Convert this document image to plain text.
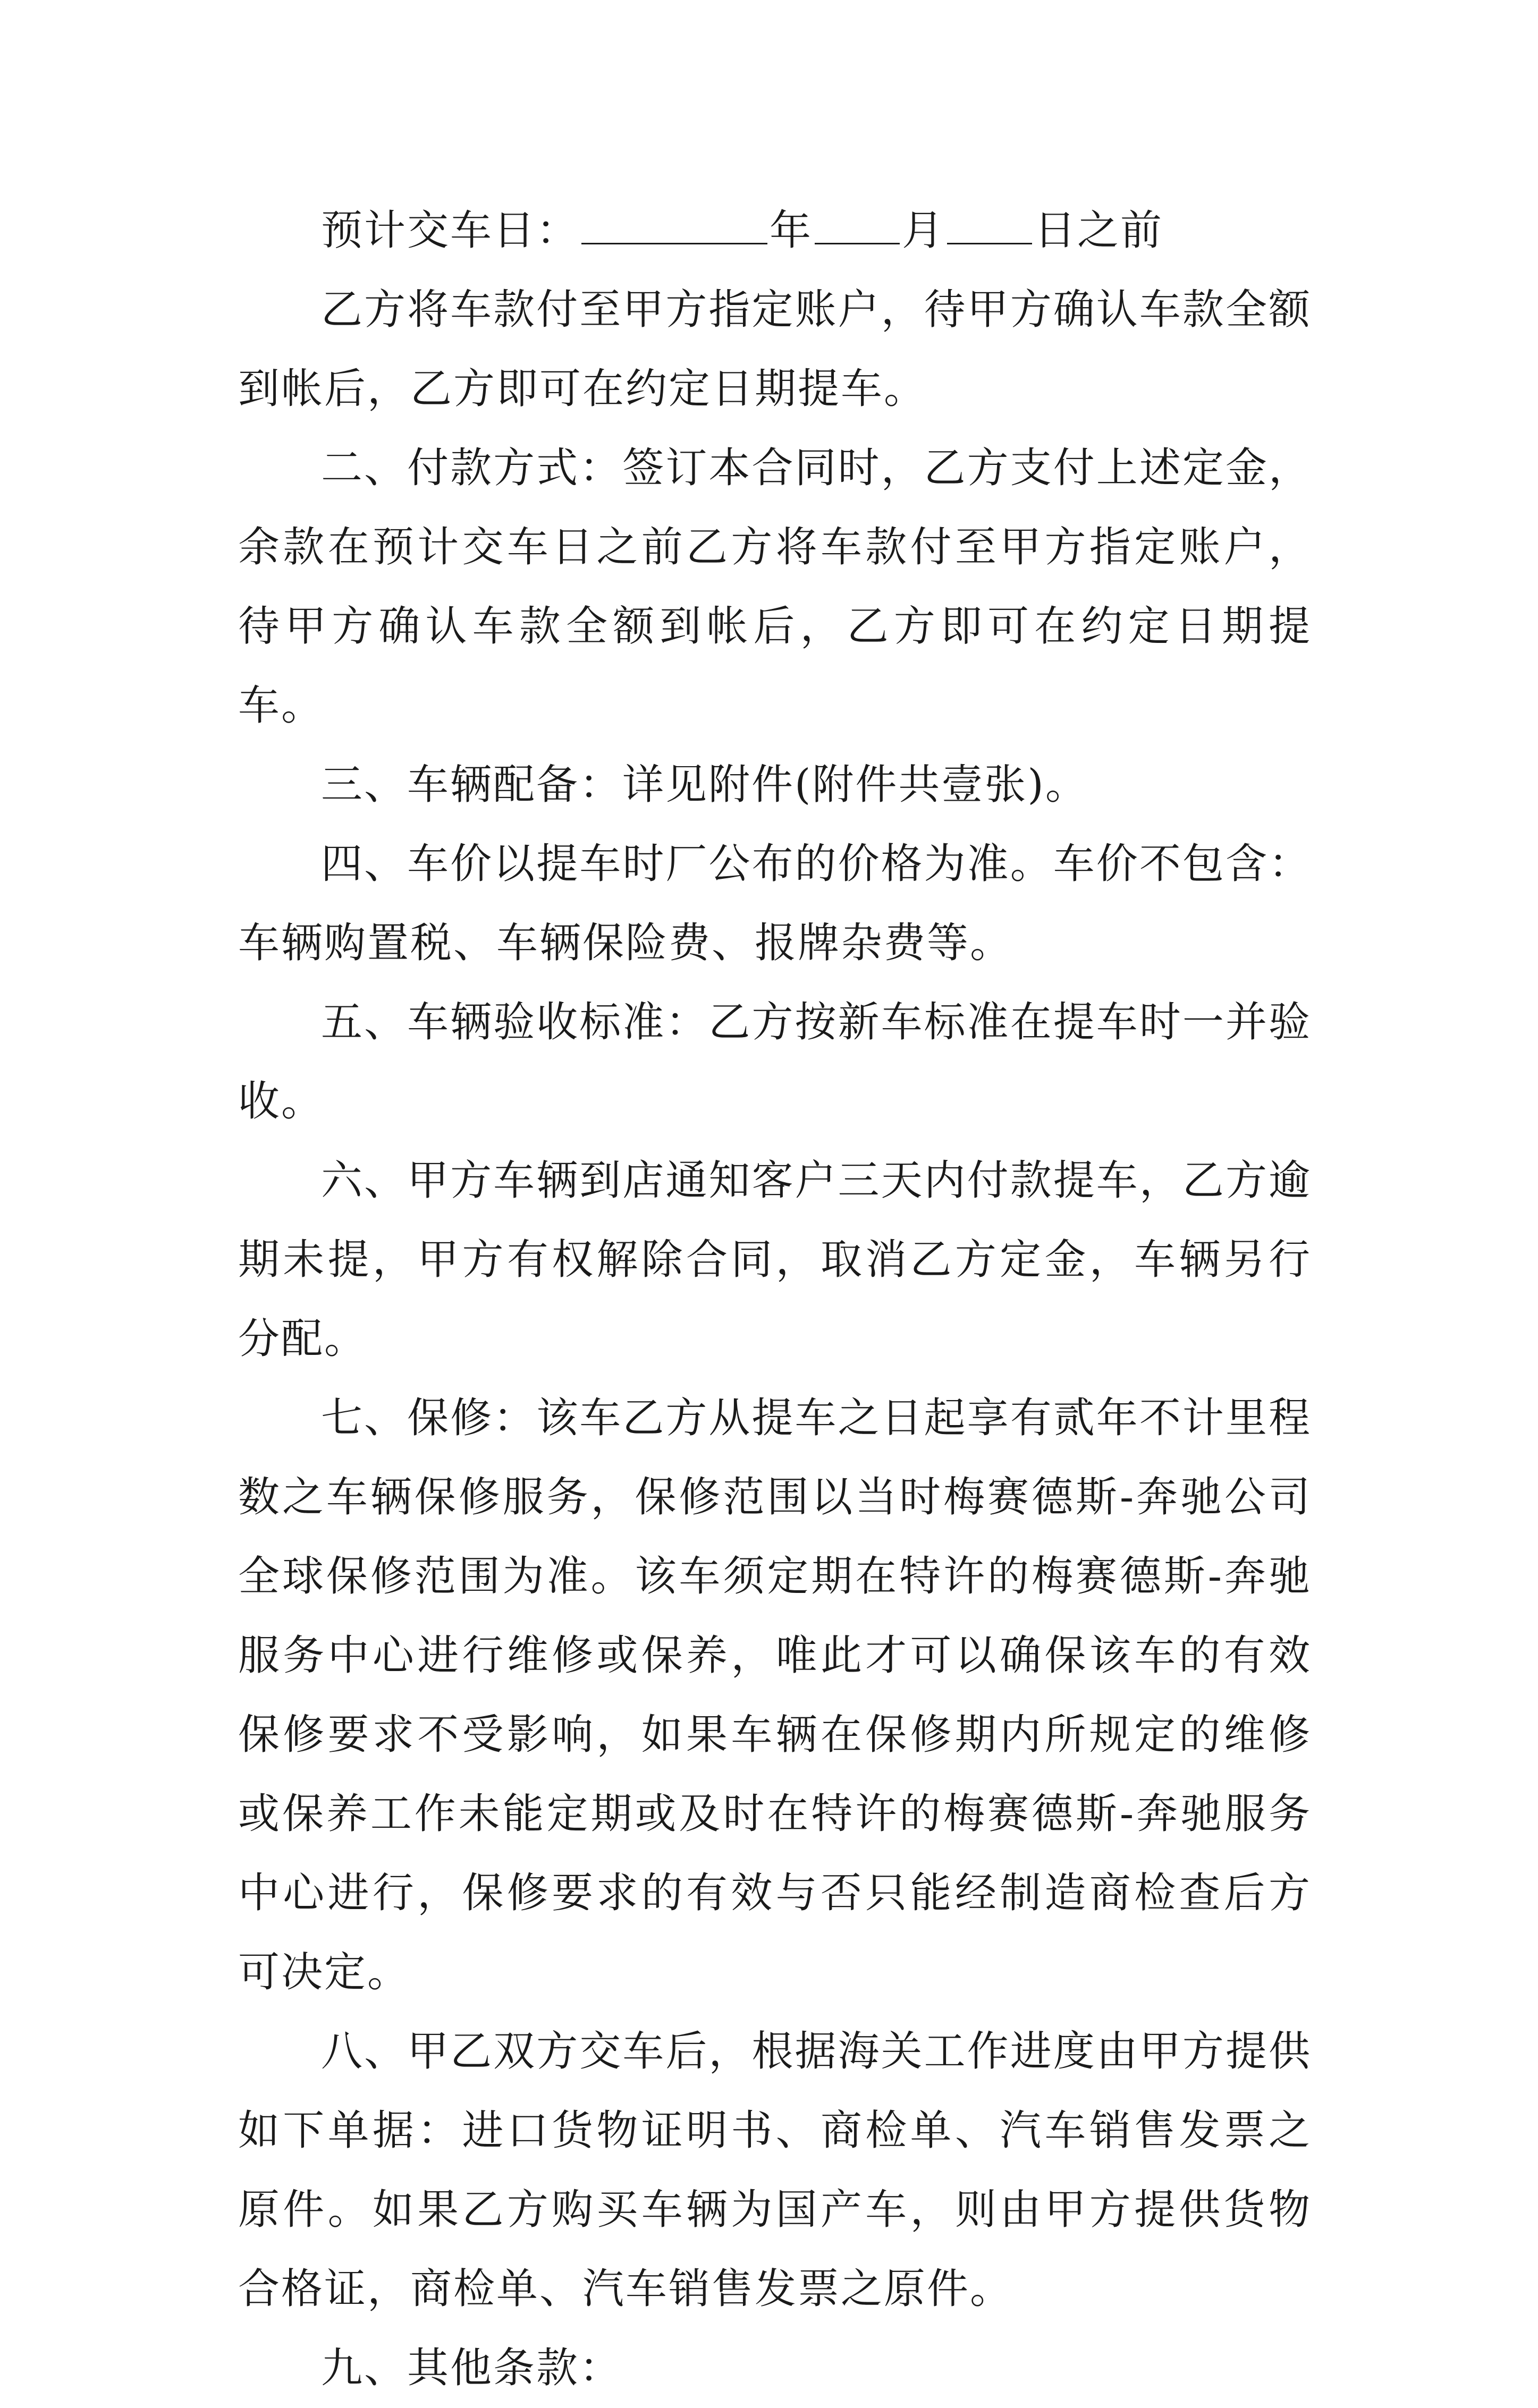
预计交车日：	年 月 日之前

乙方将车款付至甲方指定账户，待甲方确认车款全额到帐后，乙方即可在约定日期提车。

二、付款方式：签订本合同时，乙方支付上述定金，余款在预计交车日之前乙方将车款付至甲方指定账户，待甲方确认车款全额到帐后，乙方即可在约定日期提车。

三、车辆配备：详见附件(附件共壹张)。

四、车价以提车时厂公布的价格为准。车价不包含：车辆购置税、车辆保险费、报牌杂费等。

五、车辆验收标准：乙方按新车标准在提车时一并验收。

六、甲方车辆到店通知客户三天内付款提车，乙方逾期未提，甲方有权解除合同，取消乙方定金，车辆另行分配。

七、保修：该车乙方从提车之日起享有贰年不计里程数之车辆保修服务，保修范围以当时梅赛德斯-奔驰公司全球保修范围为准。该车须定期在特许的梅赛德斯-奔驰服务中心进行维修或保养，唯此才可以确保该车的有效保修要求不受影响，如果车辆在保修期内所规定的维修或保养工作未能定期或及时在特许的梅赛德斯-奔驰服务中心进行，保修要求的有效与否只能经制造商检查后方可决定。

八、甲乙双方交车后，根据海关工作进度由甲方提供如下单据：进口货物证明书、商检单、汽车销售发票之原件。如果乙方购买车辆为国产车，则由甲方提供货物合格证，商检单、汽车销售发票之原件。

九、其他条款：
